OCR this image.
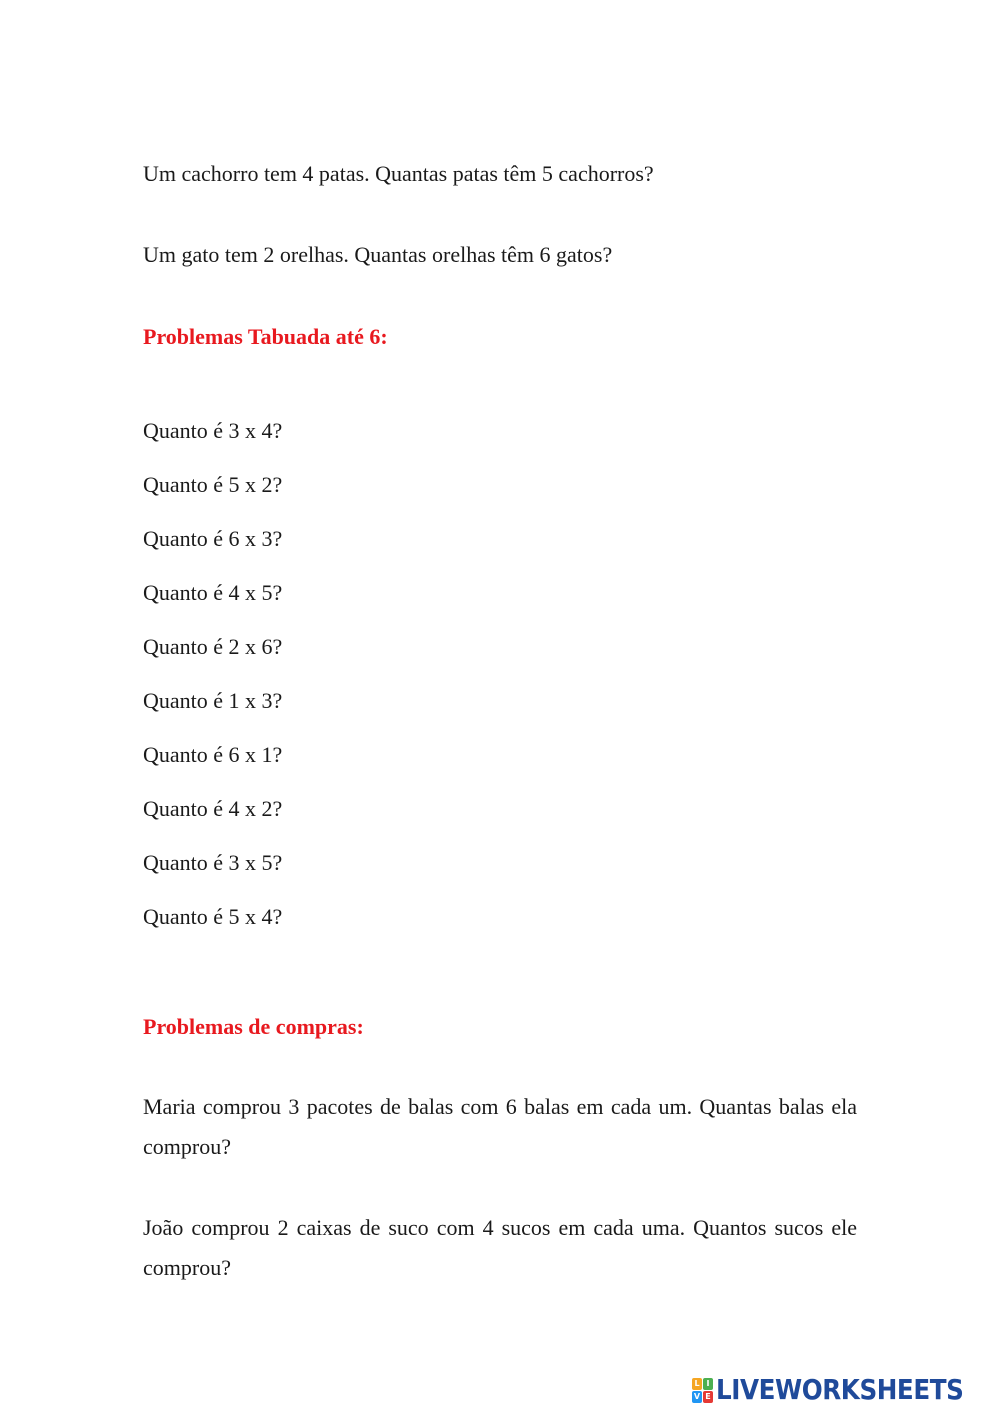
Um cachorro tem 4 patas. Quantas patas têm 5 cachorros?
Um gato tem 2 orelhas. Quantas orelhas têm 6 gatos?
Problemas Tabuada até 6:
Quanto é 3 x 4?
Quanto é 5 x 2?
Quanto é 6 x 3?
Quanto é 4 x 5?
Quanto é 2 x 6?
Quanto é 1 x 3?
Quanto é 6 x 1?
Quanto é 4 x 2?
Quanto é 3 x 5?
Quanto é 5 x 4?
Problemas de compras:
Maria comprou 3 pacotes de balas com 6 balas em cada um. Quantas balas ela comprou?
João comprou 2 caixas de suco com 4 sucos em cada uma. Quantos sucos ele comprou?
L I
V E LIVEWORKSHEETS
